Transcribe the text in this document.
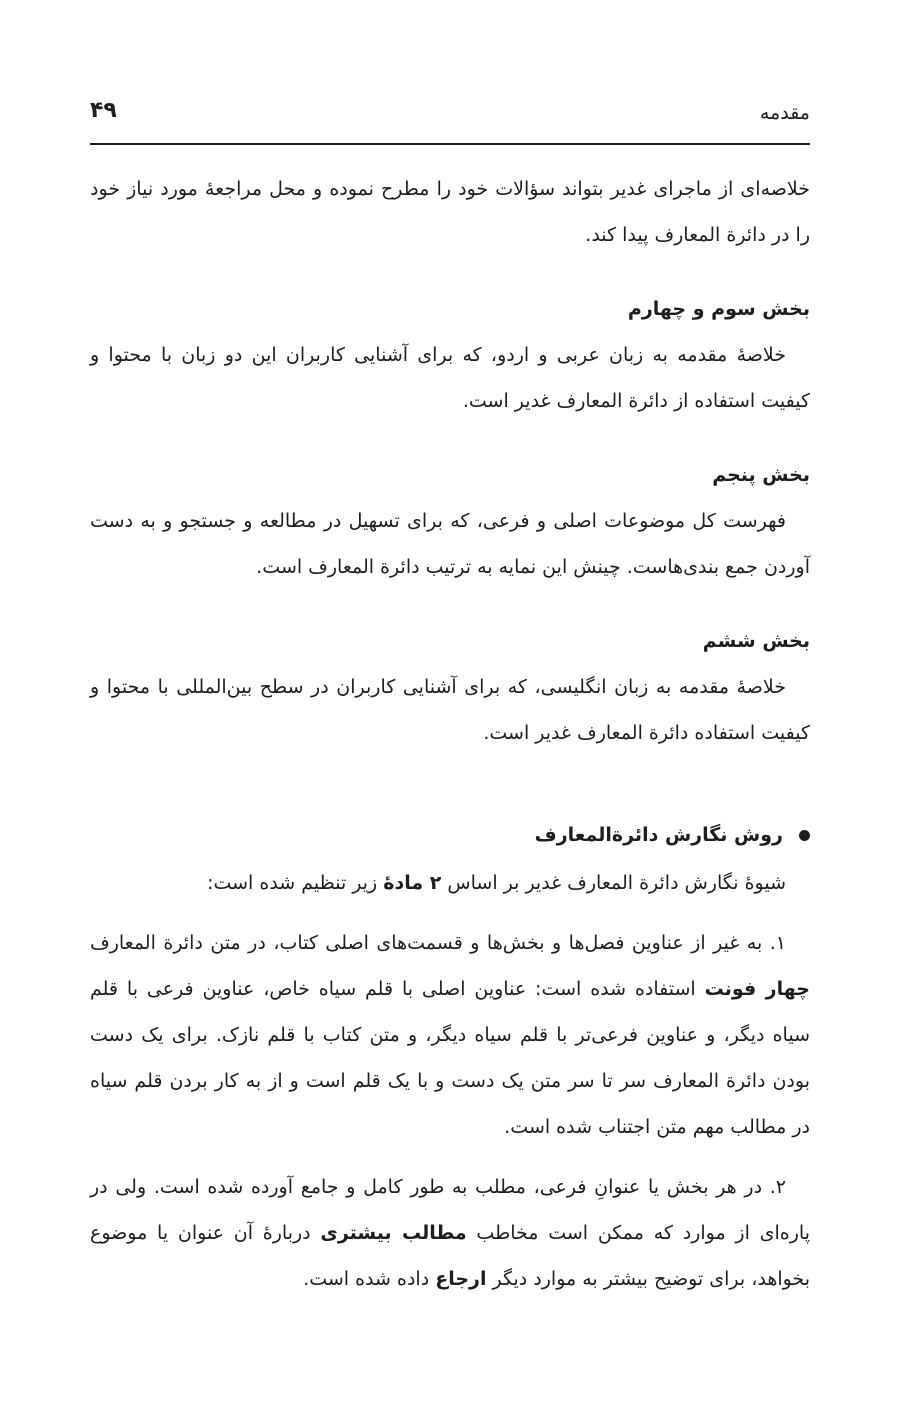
مقدمه
۴۹

خلاصه‌ای از ماجرای غدیر بتواند سؤالات خود را مطرح نموده و محل مراجعهٔ مورد نیاز خود را در دائرة المعارف پیدا کند.

بخش سوم و چهارم

خلاصهٔ مقدمه به زبان عربی و اردو، که برای آشنایی کاربران این دو زبان با محتوا و کیفیت استفاده از دائرة المعارف غدیر است.

بخش پنجم

فهرست کل موضوعات اصلی و فرعی، که برای تسهیل در مطالعه و جستجو و به دست آوردن جمع بندی‌هاست. چینش این نمایه به ترتیب دائرة المعارف است.

بخش ششم

خلاصهٔ مقدمه به زبان انگلیسی، که برای آشنایی کاربران در سطح بین‌المللی با محتوا و کیفیت استفاده دائرة المعارف غدیر است.

روش نگارش دائرةالمعارف

شیوهٔ نگارش دائرة المعارف غدیر بر اساس ۲ مادهٔ زیر تنظیم شده است:

۱. به غیر از عناوین فصل‌ها و بخش‌ها و قسمت‌های اصلی کتاب، در متن دائرة المعارف چهار فونت استفاده شده است: عناوین اصلی با قلم سیاه خاص، عناوین فرعی با قلم سیاه دیگر، و عناوین فرعی‌تر با قلم سیاه دیگر، و متن کتاب با قلم نازک. برای یک دست بودن دائرة المعارف سر تا سر متن یک دست و با یک قلم است و از به کار بردن قلم سیاه در مطالب مهم متن اجتناب شده است.

۲. در هر بخش یا عنوانِ فرعی، مطلب به طور کامل و جامع آورده شده است. ولی در پاره‌ای از موارد که ممکن است مخاطب مطالب بیشتری دربارهٔ آن عنوان یا موضوع بخواهد، برای توضیح بیشتر به موارد دیگر ارجاع داده شده است.
